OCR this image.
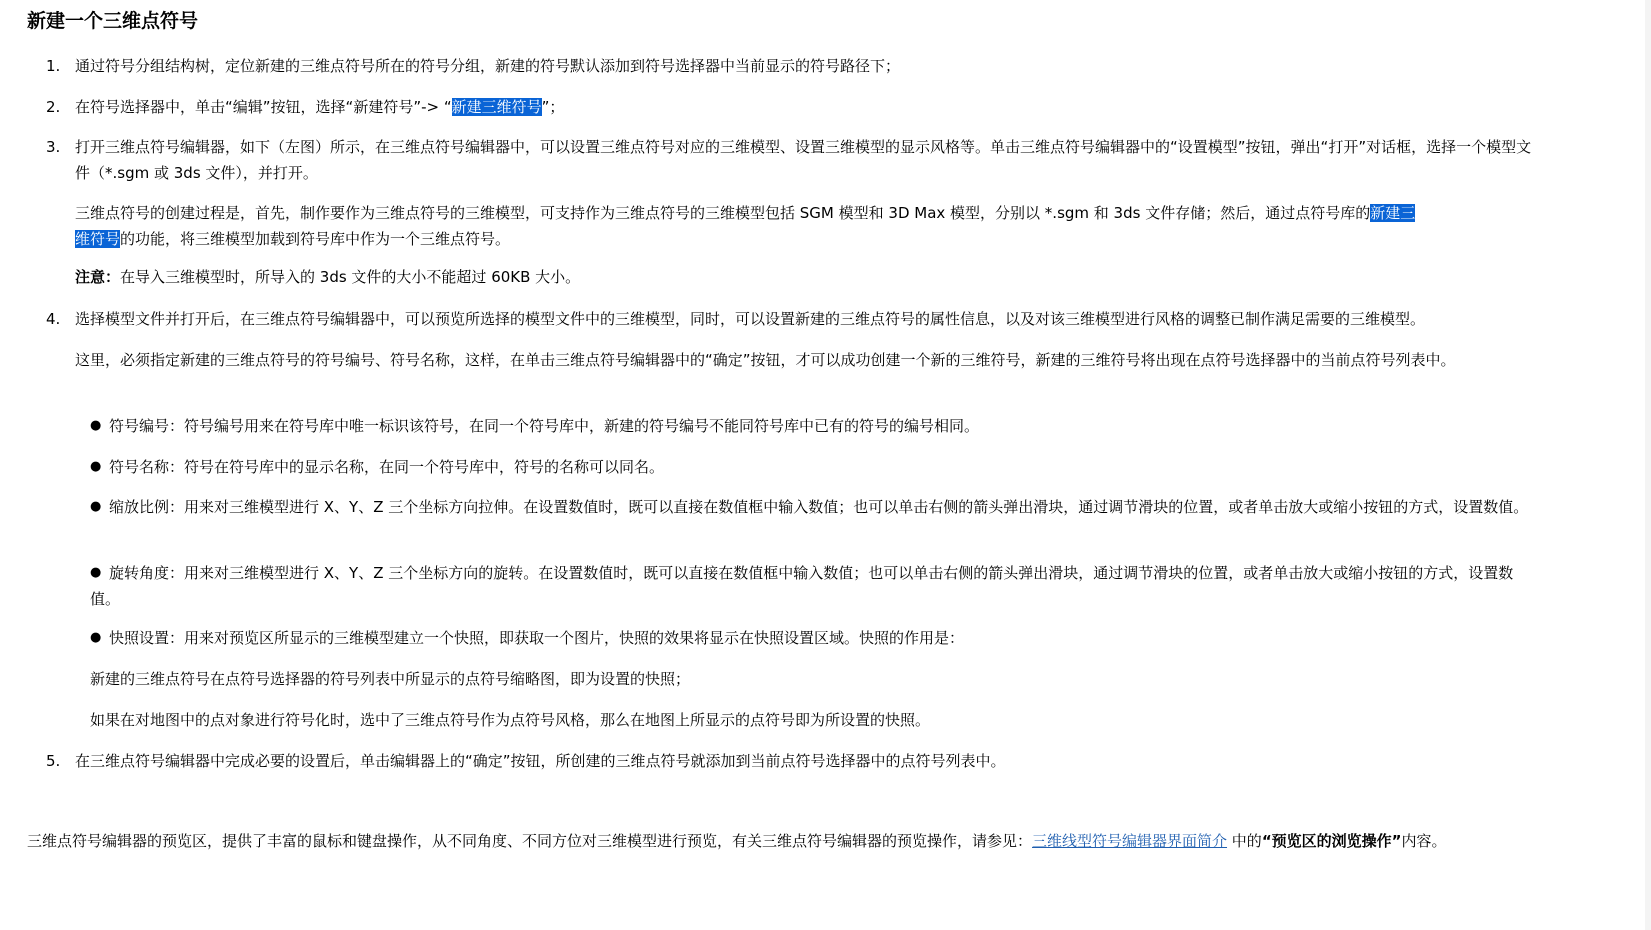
新建一个三维点符号
1. 通过符号分组结构树，定位新建的三维点符号所在的符号分组，新建的符号默认添加到符号选择器中当前显示的符号路径下；
2. 在符号选择器中，单击“编辑”按钮，选择“新建符号”-> “新建三维符号”；
3. 打开三维点符号编辑器，如下（左图）所示，在三维点符号编辑器中，可以设置三维点符号对应的三维模型、设置三维模型的显示风格等。单击三维点符号编辑器中的“设置模型”按钮，弹出“打开”对话框，选择一个模型文件（*.sgm 或 3ds 文件），并打开。
三维点符号的创建过程是，首先，制作要作为三维点符号的三维模型，可支持作为三维点符号的三维模型包括 SGM 模型和 3D Max 模型，分别以 *.sgm 和 3ds 文件存储；然后，通过点符号库的新建三
维符号的功能，将三维模型加载到符号库中作为一个三维点符号。
注意：在导入三维模型时，所导入的 3ds 文件的大小不能超过 60KB 大小。
4. 选择模型文件并打开后，在三维点符号编辑器中，可以预览所选择的模型文件中的三维模型，同时，可以设置新建的三维点符号的属性信息，以及对该三维模型进行风格的调整已制作满足需要的三维模型。
这里，必须指定新建的三维点符号的符号编号、符号名称，这样，在单击三维点符号编辑器中的“确定”按钮，才可以成功创建一个新的三维符号，新建的三维符号将出现在点符号选择器中的当前点符号列表中。
● 符号编号：符号编号用来在符号库中唯一标识该符号，在同一个符号库中，新建的符号编号不能同符号库中已有的符号的编号相同。
● 符号名称：符号在符号库中的显示名称，在同一个符号库中，符号的名称可以同名。
● 缩放比例：用来对三维模型进行 X、Y、Z 三个坐标方向拉伸。在设置数值时，既可以直接在数值框中输入数值；也可以单击右侧的箭头弹出滑块，通过调节滑块的位置，或者单击放大或缩小按钮的方式，设置数值。
● 旋转角度：用来对三维模型进行 X、Y、Z 三个坐标方向的旋转。在设置数值时，既可以直接在数值框中输入数值；也可以单击右侧的箭头弹出滑块，通过调节滑块的位置，或者单击放大或缩小按钮的方式，设置数值。
● 快照设置：用来对预览区所显示的三维模型建立一个快照，即获取一个图片，快照的效果将显示在快照设置区域。快照的作用是：
新建的三维点符号在点符号选择器的符号列表中所显示的点符号缩略图，即为设置的快照；
如果在对地图中的点对象进行符号化时，选中了三维点符号作为点符号风格，那么在地图上所显示的点符号即为所设置的快照。
5. 在三维点符号编辑器中完成必要的设置后，单击编辑器上的“确定”按钮，所创建的三维点符号就添加到当前点符号选择器中的点符号列表中。
三维点符号编辑器的预览区，提供了丰富的鼠标和键盘操作，从不同角度、不同方位对三维模型进行预览，有关三维点符号编辑器的预览操作，请参见：三维线型符号编辑器界面简介 中的“预览区的浏览操作”内容。
